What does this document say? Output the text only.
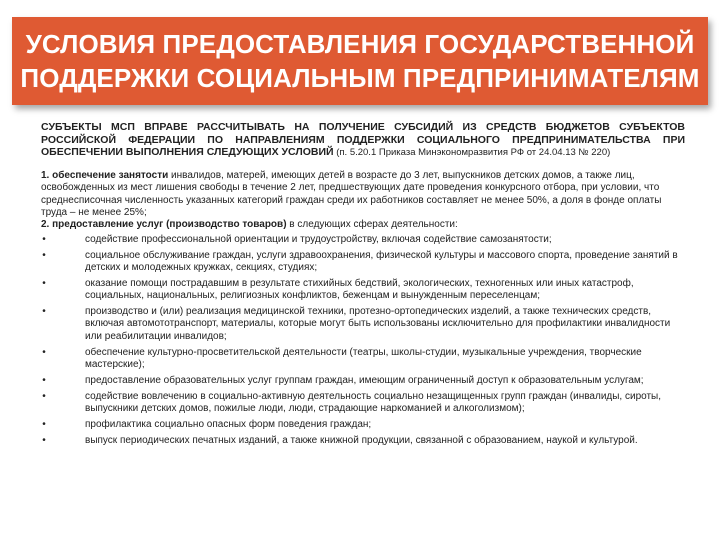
УСЛОВИЯ ПРЕДОСТАВЛЕНИЯ ГОСУДАРСТВЕННОЙ
ПОДДЕРЖКИ СОЦИАЛЬНЫМ ПРЕДПРИНИМАТЕЛЯМ
СУБЪЕКТЫ МСП ВПРАВЕ РАССЧИТЫВАТЬ НА ПОЛУЧЕНИЕ СУБСИДИЙ ИЗ СРЕДСТВ БЮДЖЕТОВ СУБЪЕКТОВ РОССИЙСКОЙ ФЕДЕРАЦИИ ПО НАПРАВЛЕНИЯМ ПОДДЕРЖКИ СОЦИАЛЬНОГО ПРЕДПРИНИМАТЕЛЬСТВА ПРИ ОБЕСПЕЧЕНИИ ВЫПОЛНЕНИЯ СЛЕДУЮЩИХ УСЛОВИЙ (п. 5.20.1 Приказа Минэкономразвития РФ от 24.04.13 № 220)
1. обеспечение занятости инвалидов, матерей, имеющих детей в возрасте до 3 лет, выпускников детских домов, а также лиц, освобожденных из мест лишения свободы в течение 2 лет, предшествующих дате проведения конкурсного отбора, при условии, что среднесписочная численность указанных категорий граждан среди их работников составляет не менее 50%, а доля в фонде оплаты труда – не менее 25%;
2. предоставление услуг (производство товаров) в следующих сферах деятельности:
•	содействие профессиональной ориентации и трудоустройству, включая содействие самозанятости;
•	социальное обслуживание граждан, услуги здравоохранения, физической культуры и массового спорта, проведение занятий в детских и молодежных кружках, секциях, студиях;
•	оказание помощи пострадавшим в результате стихийных бедствий, экологических, техногенных или иных катастроф, социальных, национальных, религиозных конфликтов, беженцам и вынужденным переселенцам;
•	производство и (или) реализация медицинской техники, протезно-ортопедических изделий, а также технических средств, включая автомототранспорт, материалы, которые могут быть использованы исключительно для профилактики инвалидности или реабилитации инвалидов;
•	обеспечение культурно-просветительской деятельности (театры, школы-студии, музыкальные учреждения, творческие мастерские);
•	предоставление образовательных услуг группам граждан, имеющим ограниченный доступ к образовательным услугам;
•	содействие вовлечению в социально-активную деятельность социально незащищенных групп граждан (инвалиды, сироты, выпускники детских домов, пожилые люди, люди, страдающие наркоманией и алкоголизмом);
•	профилактика социально опасных форм поведения граждан;
•	выпуск периодических печатных изданий, а также книжной продукции, связанной с образованием, наукой и культурой.
